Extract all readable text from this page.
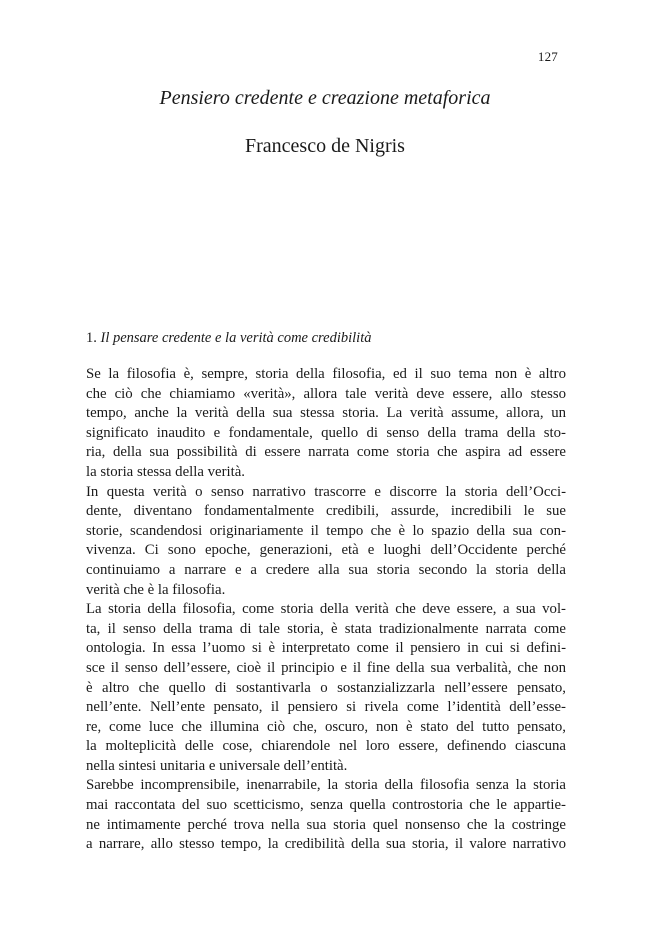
127
Pensiero credente e creazione metaforica
Francesco de Nigris
1. Il pensare credente e la verità come credibilità
Se la filosofia è, sempre, storia della filosofia, ed il suo tema non è altro
che ciò che chiamiamo «verità», allora tale verità deve essere, allo stesso
tempo, anche la verità della sua stessa storia. La verità assume, allora, un
significato inaudito e fondamentale, quello di senso della trama della sto-
ria, della sua possibilità di essere narrata come storia che aspira ad essere
la storia stessa della verità.
In questa verità o senso narrativo trascorre e discorre la storia dell’Occi-
dente, diventano fondamentalmente credibili, assurde, incredibili le sue
storie, scandendosi originariamente il tempo che è lo spazio della sua con-
vivenza. Ci sono epoche, generazioni, età e luoghi dell’Occidente perché
continuiamo a narrare e a credere alla sua storia secondo la storia della
verità che è la filosofia.
La storia della filosofia, come storia della verità che deve essere, a sua vol-
ta, il senso della trama di tale storia, è stata tradizionalmente narrata come
ontologia. In essa l’uomo si è interpretato come il pensiero in cui si defini-
sce il senso dell’essere, cioè il principio e il fine della sua verbalità, che non
è altro che quello di sostantivarla o sostanzializzarla nell’essere pensato,
nell’ente. Nell’ente pensato, il pensiero si rivela come l’identità dell’esse-
re, come luce che illumina ciò che, oscuro, non è stato del tutto pensato,
la molteplicità delle cose, chiarendole nel loro essere, definendo ciascuna
nella sintesi unitaria e universale dell’entità.
Sarebbe incomprensibile, inenarrabile, la storia della filosofia senza la storia
mai raccontata del suo scetticismo, senza quella controstoria che le appartie-
ne intimamente perché trova nella sua storia quel nonsenso che la costringe
a narrare, allo stesso tempo, la credibilità della sua storia, il valore narrativo
